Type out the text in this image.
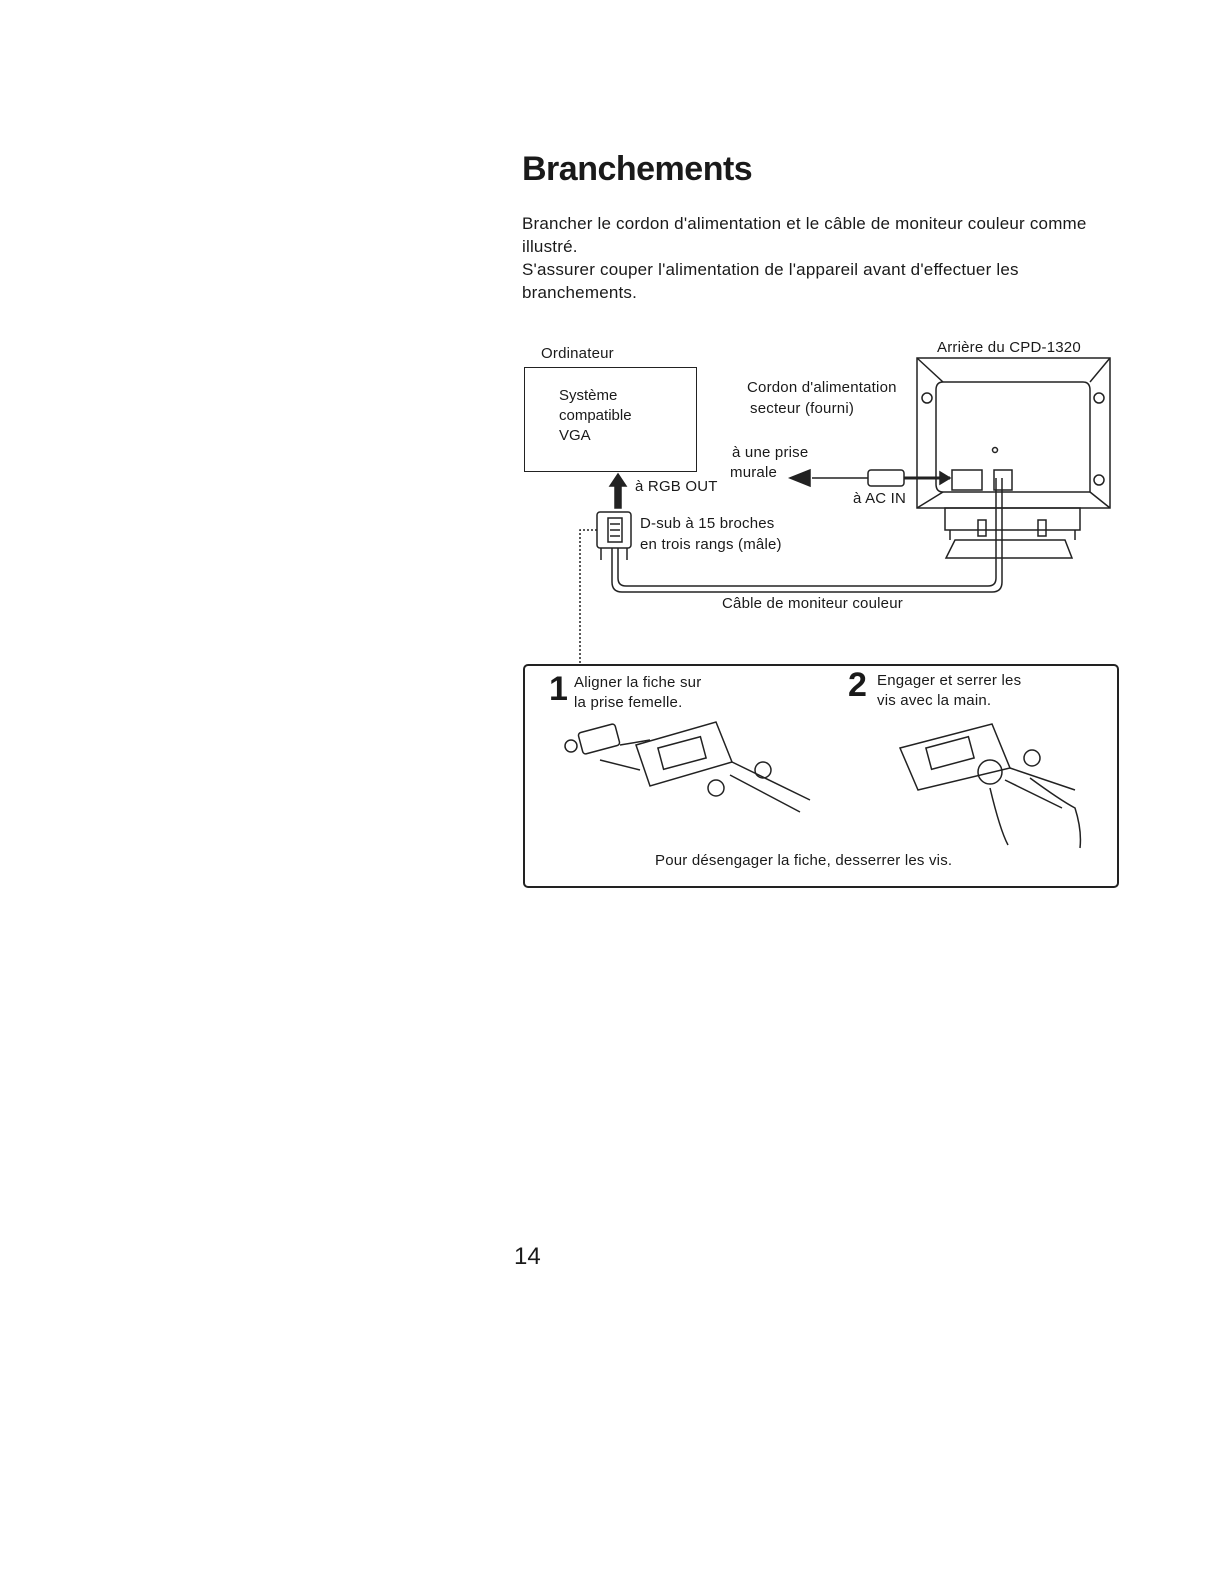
Branchements

Brancher le cordon d'alimentation et le câble de moniteur couleur comme illustré.

S'assurer couper l'alimentation de l'appareil avant d'effectuer les branchements.

Ordinateur
Système
compatible
VGA
à RGB OUT
D-sub à 15 broches
en trois rangs (mâle)
Cordon d'alimentation
secteur (fourni)
à une prise
murale
à AC IN
Arrière du CPD-1320
Câble de moniteur couleur
1 Aligner la fiche sur
la prise femelle.	2 Engager et serrer les
vis avec la main.
Pour désengager la fiche, desserrer les vis.
14
